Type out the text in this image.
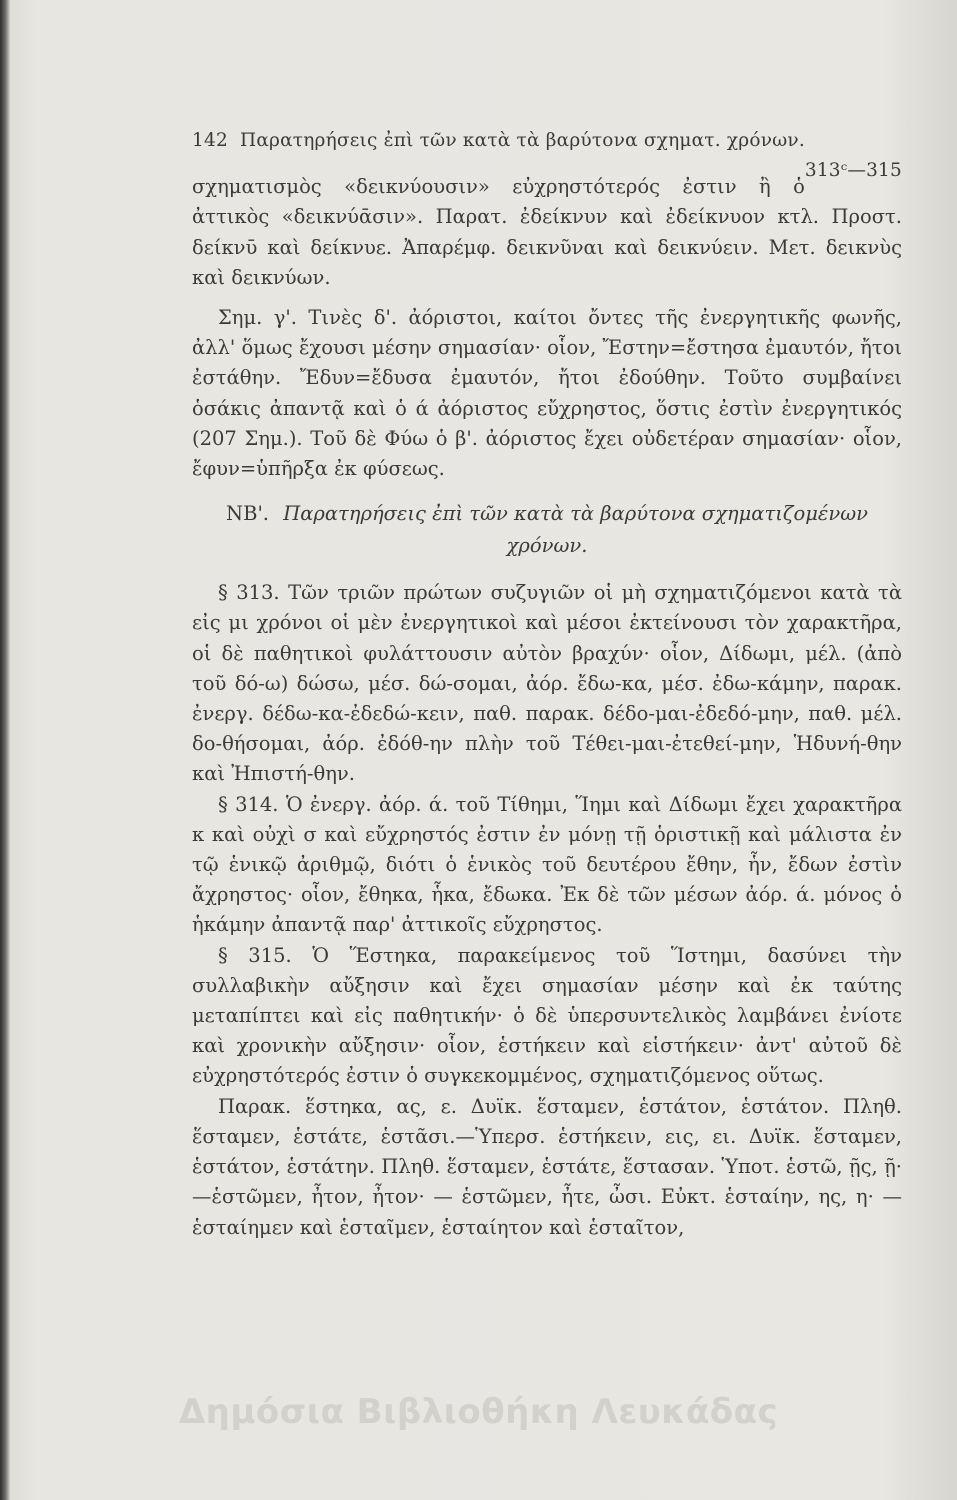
142 Παρατηρήσεις ἐπὶ τῶν κατὰ τὰ βαρύτονα σχηματ. χρόνων.
313ᶜ—315

σχηματισμὸς «δεικνύουσιν» εὐχρηστότερός ἐστιν ἢ ὁ ἀττικὸς «δεικνύᾱσιν». Παρατ. ἐδείκνυν καὶ ἐδείκνυον κτλ. Προστ. δείκνῡ καὶ δείκνυε. Ἀπαρέμφ. δεικνῦναι καὶ δεικνύειν. Μετ. δεικνὺς καὶ δεικνύων.

Σημ. γ'. Τινὲς δ'. ἀόριστοι, καίτοι ὄντες τῆς ἐνεργητικῆς φωνῆς, ἀλλ' ὅμως ἔχουσι μέσην σημασίαν· οἷον, Ἔστην=ἔστησα ἐμαυτόν, ἤτοι ἐστάθην. Ἔδυν=ἔδυσα ἐμαυτόν, ἤτοι ἐδούθην. Τοῦτο συμβαίνει ὁσάκις ἀπαντᾷ καὶ ὁ ά ἀόριστος εὔχρηστος, ὅστις ἐστὶν ἐνεργητικός (207 Σημ.). Τοῦ δὲ Φύω ὁ β'. ἀόριστος ἔχει οὐδετέραν σημασίαν· οἷον, ἔφυν=ὑπῆρξα ἐκ φύσεως.

ΝΒ'. Παρατηρήσεις ἐπὶ τῶν κατὰ τὰ βαρύτονα σχηματιζομένων χρόνων.

§ 313. Τῶν τριῶν πρώτων συζυγιῶν οἱ μὴ σχηματιζόμενοι κατὰ τὰ εἰς μι χρόνοι οἱ μὲν ἐνεργητικοὶ καὶ μέσοι ἐκτείνουσι τὸν χαρακτῆρα, οἱ δὲ παθητικοὶ φυλάττουσιν αὐτὸν βραχύν· οἷον, Δίδωμι, μέλ. (ἀπὸ τοῦ δό-ω) δώσω, μέσ. δώ-σομαι, ἀόρ. ἔδω-κα, μέσ. ἐδω-κάμην, παρακ. ἐνεργ. δέδω-κα-ἐδεδώ-κειν, παθ. παρακ. δέδο-μαι-ἐδεδό-μην, παθ. μέλ. δο-θήσομαι, ἀόρ. ἐδόθ-ην πλὴν τοῦ Τέθει-μαι-ἐτεθεί-μην, Ἡδυνή-θην καὶ Ἠπιστή-θην.

§ 314. Ὁ ἐνεργ. ἀόρ. ά. τοῦ Τίθημι, Ἵημι καὶ Δίδωμι ἔχει χαρακτῆρα κ καὶ οὐχὶ σ καὶ εὔχρηστός ἐστιν ἐν μόνῃ τῇ ὁριστικῇ καὶ μάλιστα ἐν τῷ ἑνικῷ ἀριθμῷ, διότι ὁ ἑνικὸς τοῦ δευτέρου ἔθην, ἧν, ἔδων ἐστὶν ἄχρηστος· οἷον, ἔθηκα, ἧκα, ἔδωκα. Ἐκ δὲ τῶν μέσων ἀόρ. ά. μόνος ὁ ἡκάμην ἀπαντᾷ παρ' ἀττικοῖς εὔχρηστος.

§ 315. Ὁ Ἕστηκα, παρακείμενος τοῦ Ἵστημι, δασύνει τὴν συλλαβικὴν αὔξησιν καὶ ἔχει σημασίαν μέσην καὶ ἐκ ταύτης μεταπίπτει καὶ εἰς παθητικήν· ὁ δὲ ὑπερσυντελικὸς λαμβάνει ἐνίοτε καὶ χρονικὴν αὔξησιν· οἷον, ἑστήκειν καὶ εἱστήκειν· ἀντ' αὐτοῦ δὲ εὐχρηστότερός ἐστιν ὁ συγκεκομμένος, σχηματιζόμενος οὕτως.

Παρακ. ἕστηκα, ας, ε. Δυϊκ. ἕσταμεν, ἑστάτον, ἑστάτον. Πληθ. ἕσταμεν, ἑστάτε, ἑστᾶσι.—Ὑπερσ. ἑστήκειν, εις, ει. Δυϊκ. ἕσταμεν, ἑστάτον, ἑστάτην. Πληθ. ἕσταμεν, ἑστάτε, ἕστασαν. Ὑποτ. ἑστῶ, ῇς, ῇ· —ἑστῶμεν, ἦτον, ἦτον· — ἑστῶμεν, ἦτε, ὦσι. Εὐκτ. ἑσταίην, ης, η· —ἑσταίημεν καὶ ἑσταῖμεν, ἑσταίητον καὶ ἑσταῖτον,

Δημόσια Βιβλιοθήκη Λευκάδας
